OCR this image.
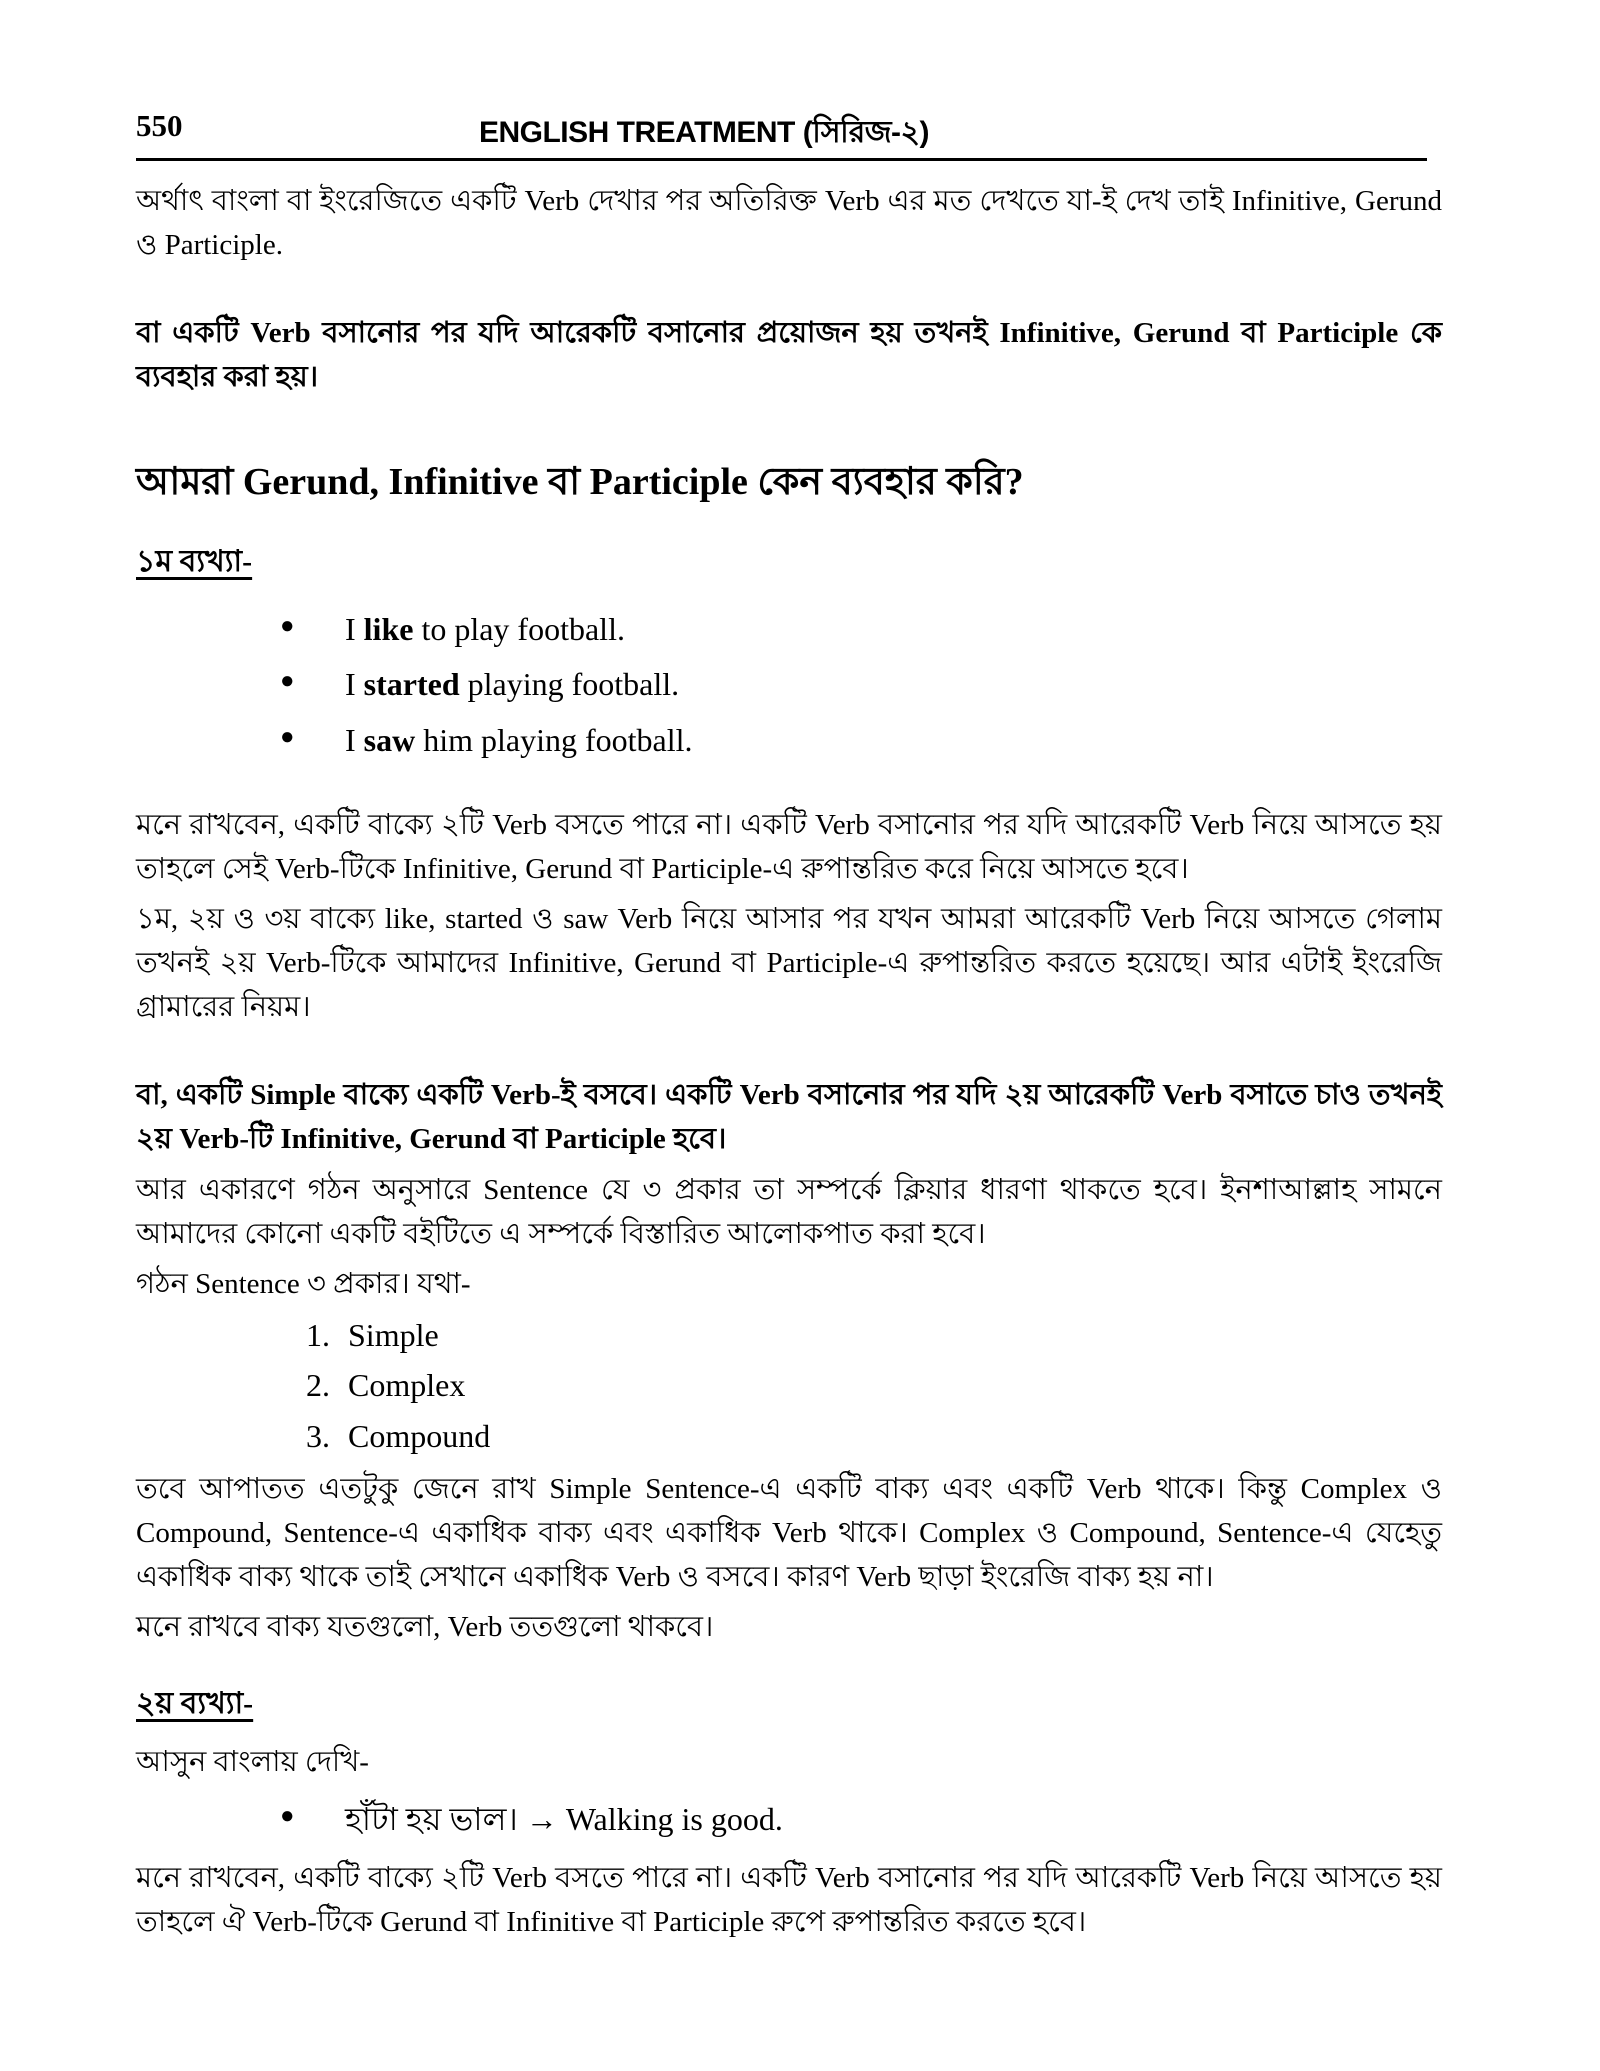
550	ENGLISH TREATMENT (সিরিজ-২)

অর্থাৎ বাংলা বা ইংরেজিতে একটি Verb দেখার পর অতিরিক্ত Verb এর মত দেখতে যা-ই দেখ তাই Infinitive, Gerund ও Participle.

বা একটি Verb বসানোর পর যদি আরেকটি বসানোর প্রয়োজন হয় তখনই Infinitive, Gerund বা Participle কে ব্যবহার করা হয়।

আমরা Gerund, Infinitive বা Participle কেন ব্যবহার করি?
১ম ব্যখ্যা-
● I like to play football.
● I started playing football.
● I saw him playing football.

মনে রাখবেন, একটি বাক্যে ২টি Verb বসতে পারে না। একটি Verb বসানোর পর যদি আরেকটি Verb নিয়ে আসতে হয় তাহলে সেই Verb-টিকে Infinitive, Gerund বা Participle-এ রুপান্তরিত করে নিয়ে আসতে হবে।

১ম, ২য় ও ৩য় বাক্যে like, started ও saw Verb নিয়ে আসার পর যখন আমরা আরেকটি Verb নিয়ে আসতে গেলাম তখনই ২য় Verb-টিকে আমাদের Infinitive, Gerund বা Participle-এ রুপান্তরিত করতে হয়েছে। আর এটাই ইংরেজি গ্রামারের নিয়ম।

বা, একটি Simple বাক্যে একটি Verb-ই বসবে। একটি Verb বসানোর পর যদি ২য় আরেকটি Verb বসাতে চাও তখনই ২য় Verb-টি Infinitive, Gerund বা Participle হবে।

আর একারণে গঠন অনুসারে Sentence যে ৩ প্রকার তা সম্পর্কে ক্লিয়ার ধারণা থাকতে হবে। ইনশাআল্লাহ সামনে আমাদের কোনো একটি বইটিতে এ সম্পর্কে বিস্তারিত আলোকপাত করা হবে।

গঠন Sentence ৩ প্রকার। যথা-

1. Simple
2. Complex
3. Compound

তবে আপাতত এতটুকু জেনে রাখ Simple Sentence-এ একটি বাক্য এবং একটি Verb থাকে। কিন্তু Complex ও Compound, Sentence-এ একাধিক বাক্য এবং একাধিক Verb থাকে। Complex ও Compound, Sentence-এ যেহেতু একাধিক বাক্য থাকে তাই সেখানে একাধিক Verb ও বসবে। কারণ Verb ছাড়া ইংরেজি বাক্য হয় না।

মনে রাখবে বাক্য যতগুলো, Verb ততগুলো থাকবে।

২য় ব্যখ্যা-

আসুন বাংলায় দেখি-

● হাঁটা হয় ভাল। → Walking is good.

মনে রাখবেন, একটি বাক্যে ২টি Verb বসতে পারে না। একটি Verb বসানোর পর যদি আরেকটি Verb নিয়ে আসতে হয় তাহলে ঐ Verb-টিকে Gerund বা Infinitive বা Participle রুপে রুপান্তরিত করতে হবে।
